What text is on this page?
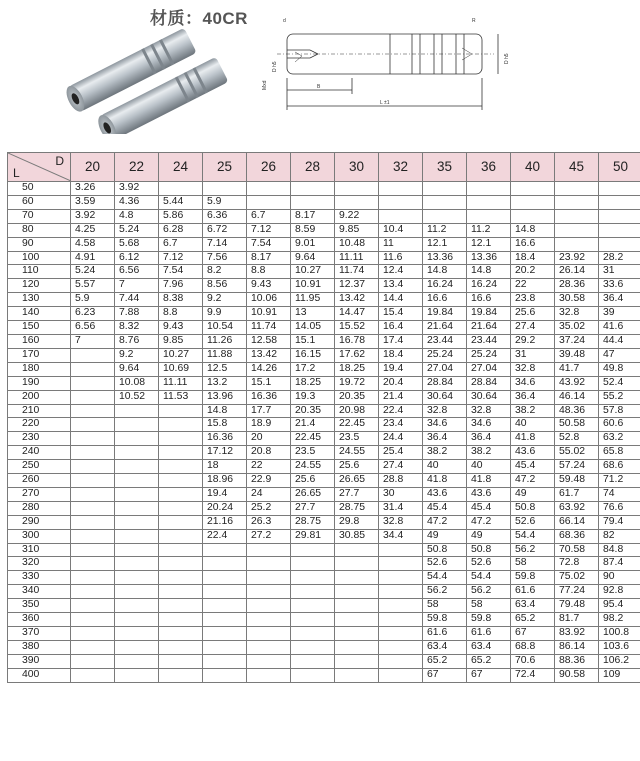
材质：40CR	d	R
Mxd
D h5
D h5
B
L ±1
D
L	20	22	24	25	26	28	30	32	35	36	40	45	50
50	3.26	3.92											
60	3.59	4.36	5.44	5.9									
70	3.92	4.8	5.86	6.36	6.7	8.17	9.22						
80	4.25	5.24	6.28	6.72	7.12	8.59	9.85	10.4	11.2	11.2	14.8		
90	4.58	5.68	6.7	7.14	7.54	9.01	10.48	11	12.1	12.1	16.6		
100	4.91	6.12	7.12	7.56	8.17	9.64	11.11	11.6	13.36	13.36	18.4	23.92	28.2
110	5.24	6.56	7.54	8.2	8.8	10.27	11.74	12.4	14.8	14.8	20.2	26.14	31
120	5.57	7	7.96	8.56	9.43	10.91	12.37	13.4	16.24	16.24	22	28.36	33.6
130	5.9	7.44	8.38	9.2	10.06	11.95	13.42	14.4	16.6	16.6	23.8	30.58	36.4
140	6.23	7.88	8.8	9.9	10.91	13	14.47	15.4	19.84	19.84	25.6	32.8	39
150	6.56	8.32	9.43	10.54	11.74	14.05	15.52	16.4	21.64	21.64	27.4	35.02	41.6
160	7	8.76	9.85	11.26	12.58	15.1	16.78	17.4	23.44	23.44	29.2	37.24	44.4
170		9.2	10.27	11.88	13.42	16.15	17.62	18.4	25.24	25.24	31	39.48	47
180		9.64	10.69	12.5	14.26	17.2	18.25	19.4	27.04	27.04	32.8	41.7	49.8
190		10.08	11.11	13.2	15.1	18.25	19.72	20.4	28.84	28.84	34.6	43.92	52.4
200		10.52	11.53	13.96	16.36	19.3	20.35	21.4	30.64	30.64	36.4	46.14	55.2
210				14.8	17.7	20.35	20.98	22.4	32.8	32.8	38.2	48.36	57.8
220				15.8	18.9	21.4	22.45	23.4	34.6	34.6	40	50.58	60.6
230				16.36	20	22.45	23.5	24.4	36.4	36.4	41.8	52.8	63.2
240				17.12	20.8	23.5	24.55	25.4	38.2	38.2	43.6	55.02	65.8
250				18	22	24.55	25.6	27.4	40	40	45.4	57.24	68.6
260				18.96	22.9	25.6	26.65	28.8	41.8	41.8	47.2	59.48	71.2
270				19.4	24	26.65	27.7	30	43.6	43.6	49	61.7	74
280				20.24	25.2	27.7	28.75	31.4	45.4	45.4	50.8	63.92	76.6
290				21.16	26.3	28.75	29.8	32.8	47.2	47.2	52.6	66.14	79.4
300				22.4	27.2	29.81	30.85	34.4	49	49	54.4	68.36	82
310									50.8	50.8	56.2	70.58	84.8
320									52.6	52.6	58	72.8	87.4
330									54.4	54.4	59.8	75.02	90
340									56.2	56.2	61.6	77.24	92.8
350									58	58	63.4	79.48	95.4
360									59.8	59.8	65.2	81.7	98.2
370									61.6	61.6	67	83.92	100.8
380									63.4	63.4	68.8	86.14	103.6
390									65.2	65.2	70.6	88.36	106.2
400									67	67	72.4	90.58	109
